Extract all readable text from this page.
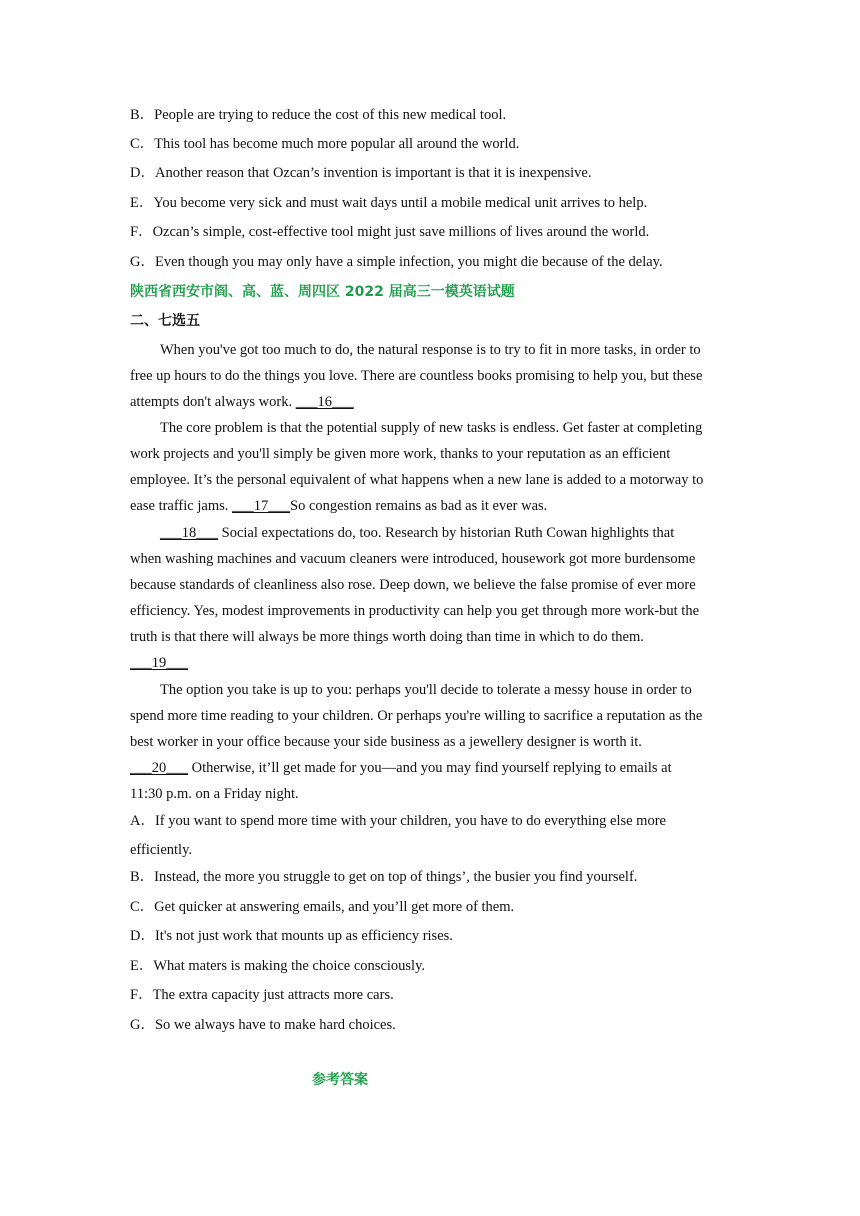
B．People are trying to reduce the cost of this new medical tool.
C．This tool has become much more popular all around the world.
D．Another reason that Ozcan’s invention is important is that it is inexpensive.
E．You become very sick and must wait days until a mobile medical unit arrives to help.
F．Ozcan’s simple, cost-effective tool might just save millions of lives around the world.
G．Even though you may only have a simple infection, you might die because of the delay.
陕西省西安市阎、高、蓝、周四区 2022 届高三一模英语试题
二、七选五
When you've got too much to do, the natural response is to try to fit in more tasks, in order to
free up hours to do the things you love. There are countless books promising to help you, but these
attempts don't always work. ___16___
The core problem is that the potential supply of new tasks is endless. Get faster at completing
work projects and you'll simply be given more work, thanks to your reputation as an efficient
employee. It’s the personal equivalent of what happens when a new lane is added to a motorway to
ease traffic jams. ___17___So congestion remains as bad as it ever was.
___18___ Social expectations do, too. Research by historian Ruth Cowan highlights that
when washing machines and vacuum cleaners were introduced, housework got more burdensome
because standards of cleanliness also rose. Deep down, we believe the false promise of ever more
efficiency. Yes, modest improvements in productivity can help you get through more work-but the
truth is that there will always be more things worth doing than time in which to do them.
___19___
The option you take is up to you: perhaps you'll decide to tolerate a messy house in order to
spend more time reading to your children. Or perhaps you're willing to sacrifice a reputation as the
best worker in your office because your side business as a jewellery designer is worth it.
___20___ Otherwise, it’ll get made for you—and you may find yourself replying to emails at
11:30 p.m. on a Friday night.
A．If you want to spend more time with your children, you have to do everything else more
efficiently.
B．Instead, the more you struggle to get on top of things’, the busier you find yourself.
C．Get quicker at answering emails, and you’ll get more of them.
D．It's not just work that mounts up as efficiency rises.
E．What maters is making the choice consciously.
F．The extra capacity just attracts more cars.
G．So we always have to make hard choices.
参考答案
